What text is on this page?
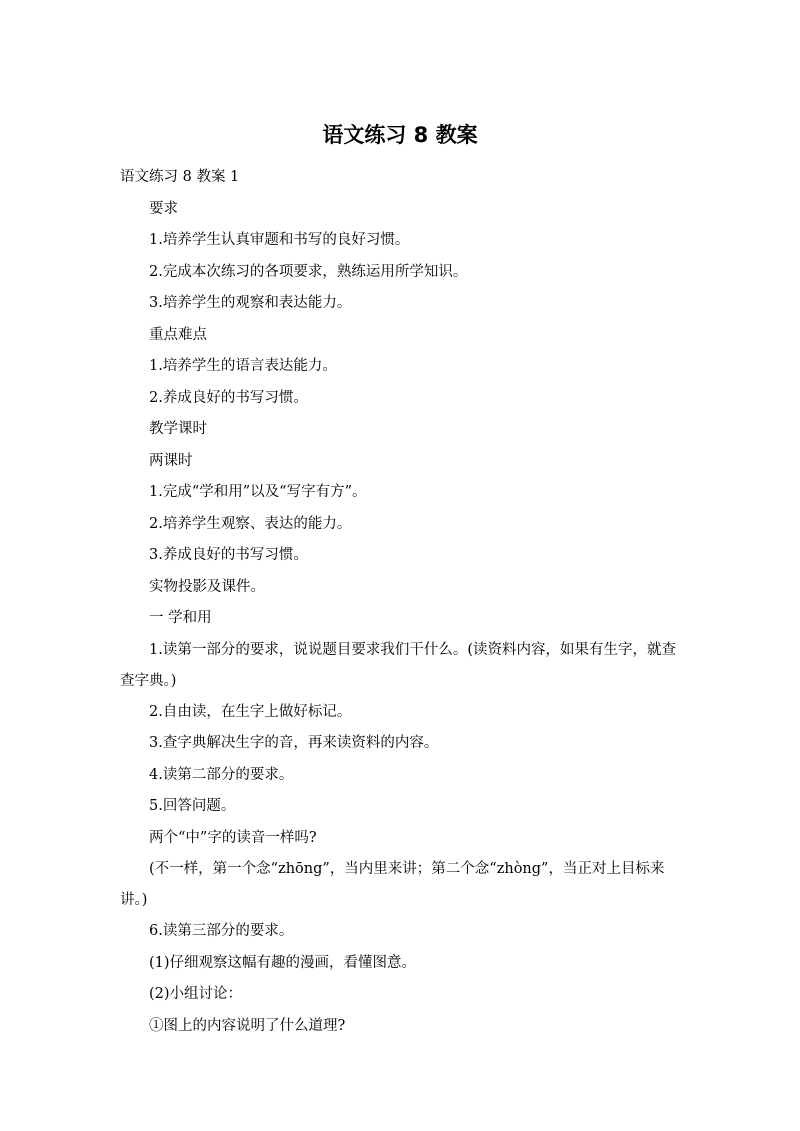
语文练习 8 教案

语文练习 8 教案 1

要求

1.培养学生认真审题和书写的良好习惯。

2.完成本次练习的各项要求，熟练运用所学知识。

3.培养学生的观察和表达能力。

重点难点

1.培养学生的语言表达能力。

2.养成良好的书写习惯。

教学课时

两课时

1.完成“学和用”以及“写字有方”。

2.培养学生观察、表达的能力。

3.养成良好的书写习惯。

实物投影及课件。

一 学和用

1.读第一部分的要求，说说题目要求我们干什么。(读资料内容，如果有生字，就查查字典。)

2.自由读，在生字上做好标记。

3.查字典解决生字的音，再来读资料的内容。

4.读第二部分的要求。

5.回答问题。

两个“中”字的读音一样吗?

(不一样，第一个念“zhōng”，当内里来讲；第二个念“zhòng”，当正对上目标来讲。)

6.读第三部分的要求。

(1)仔细观察这幅有趣的漫画，看懂图意。

(2)小组讨论：

①图上的内容说明了什么道理?
